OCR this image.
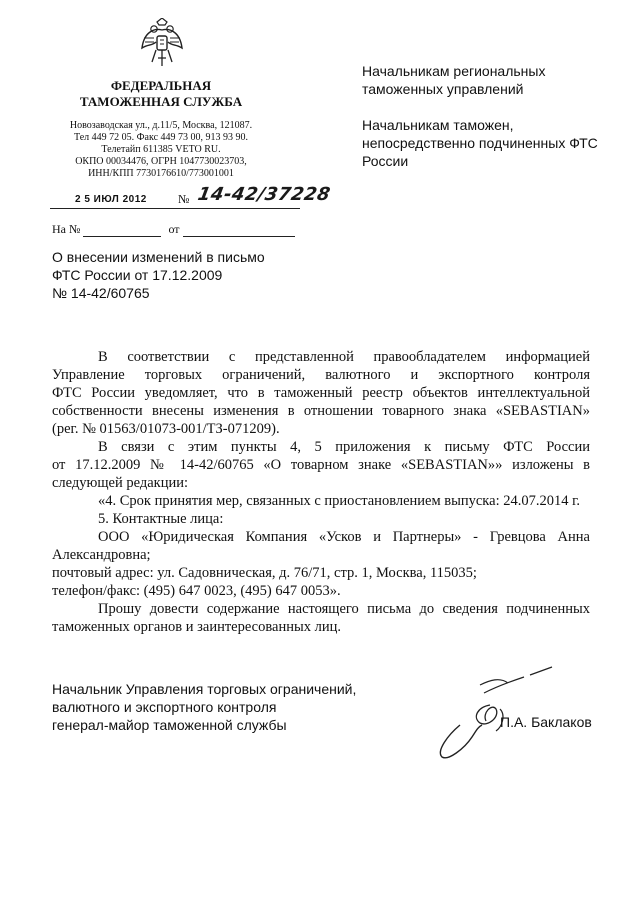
ФЕДЕРАЛЬНАЯ
ТАМОЖЕННАЯ СЛУЖБА
Новозаводская ул., д.11/5, Москва, 121087.
Тел 449 72 05. Факс 449 73 00, 913 93 90.
Телетайп 611385 VETO RU.
ОКПО 00034476, ОГРН 1047730023703,
ИНН/КПП 7730176610/773001001
2 5 ИЮЛ 2012	№ 14-42/37228
На №	от

Начальникам региональных таможенных управлений

Начальникам таможен, непосредственно подчиненных ФТС России

О внесении изменений в письмо
ФТС России от 17.12.2009
№ 14-42/60765

В соответствии с представленной правообладателем информацией

Управление торговых ограничений, валютного и экспортного контроля

ФТС России уведомляет, что в таможенный реестр объектов интеллектуальной

собственности внесены изменения в отношении товарного знака «SEBASTIAN»

(рег. № 01563/01073-001/ТЗ-071209).

В связи с этим пункты 4, 5 приложения к письму ФТС России

от 17.12.2009 № 14-42/60765 «О товарном знаке «SEBASTIAN»» изложены в

следующей редакции:

«4. Срок принятия мер, связанных с приостановлением выпуска: 24.07.2014 г.

5. Контактные лица:

ООО «Юридическая Компания «Усков и Партнеры» - Гревцова Анна

Александровна;

почтовый адрес: ул. Садовническая, д. 76/71, стр. 1, Москва, 115035;

телефон/факс: (495) 647 0023, (495) 647 0053».

Прошу довести содержание настоящего письма до сведения подчиненных

таможенных органов и заинтересованных лиц.

Начальник Управления торговых ограничений,
валютного и экспортного контроля
генерал-майор таможенной службы	П.А. Баклаков
